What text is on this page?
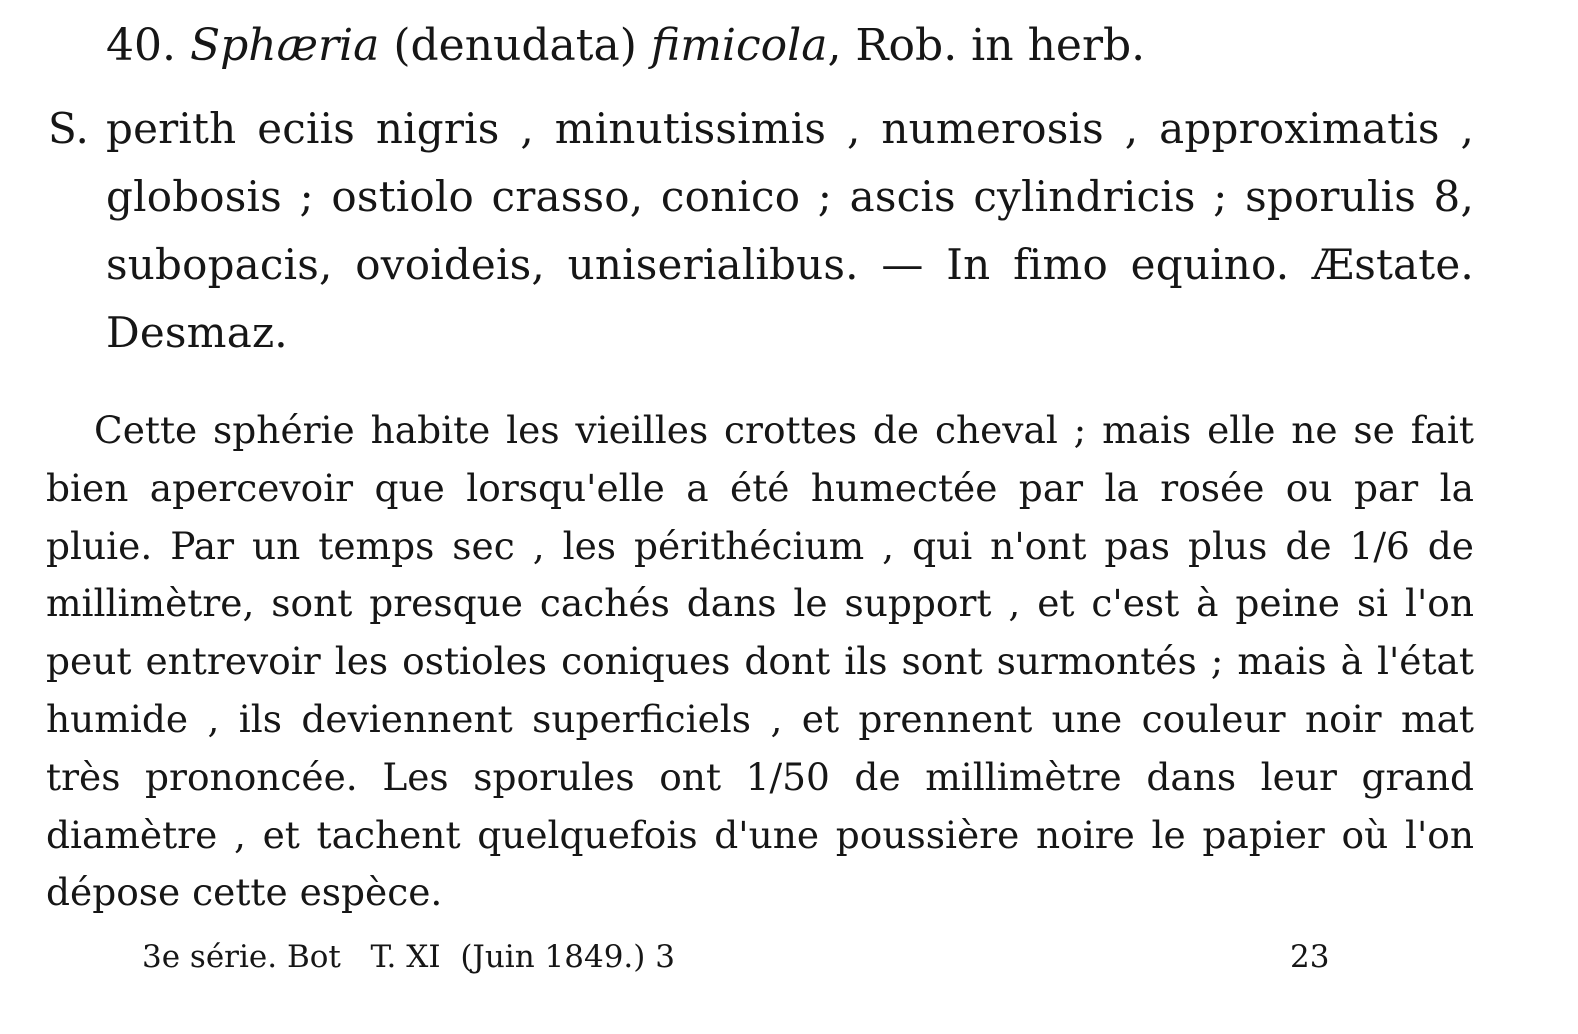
40. Sphæria (denudata) fimicola, Rob. in herb.
S. perith eciis nigris , minutissimis , numerosis , approximatis ,
globosis ; ostiolo crasso, conico ; ascis cylindricis ; sporulis 8,
subopacis, ovoideis, uniserialibus. — In fimo equino. Æstate.
Desmaz.
Cette sphérie habite les vieilles crottes de cheval ; mais elle ne se fait
bien apercevoir que lorsqu'elle a été humectée par la rosée ou par la
pluie. Par un temps sec , les périthécium , qui n'ont pas plus de 1/6 de
millimètre, sont presque cachés dans le support , et c'est à peine si l'on
peut entrevoir les ostioles coniques dont ils sont surmontés ; mais à l'état
humide , ils deviennent superficiels , et prennent une couleur noir mat
très prononcée. Les sporules ont 1/50 de millimètre dans leur grand
diamètre , et tachent quelquefois d'une poussière noire le papier où l'on
dépose cette espèce.
3e série. Bot T. XI (Juin 1849.) 3	23
